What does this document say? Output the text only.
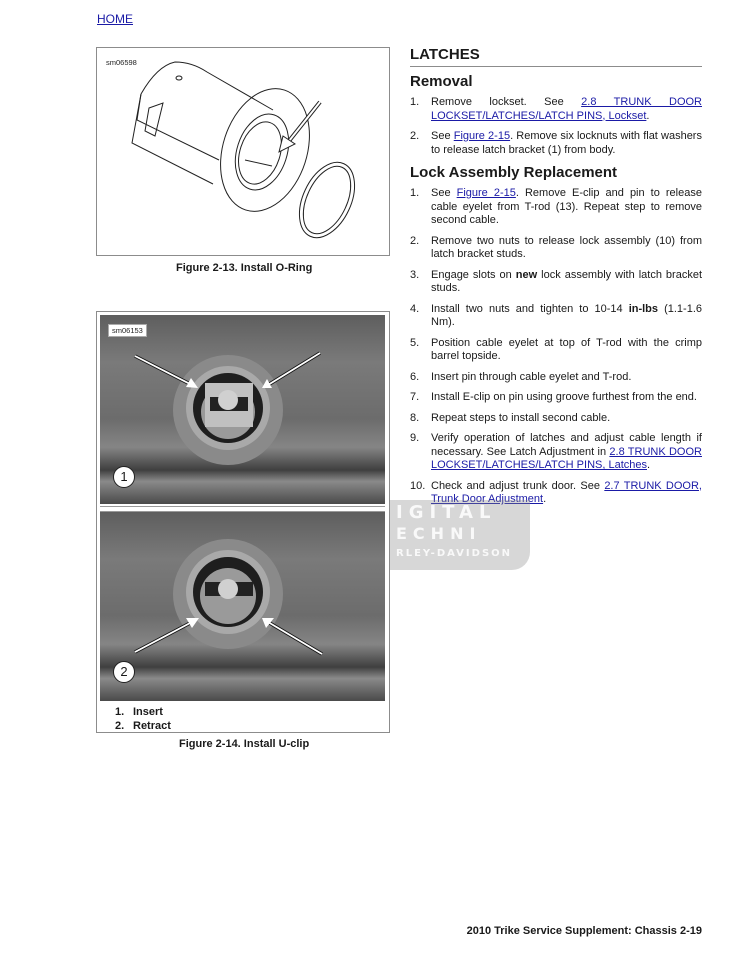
HOME
sm06598
Figure 2-13. Install O-Ring
sm06153
1
2
1. Insert
2. Retract
Figure 2-14. Install U-clip
LATCHES
Removal
1. Remove lockset. See 2.8 TRUNK DOOR LOCKSET/LATCHES/LATCH PINS, Lockset.
2. See Figure 2-15. Remove six locknuts with flat washers to release latch bracket (1) from body.
Lock Assembly Replacement
1. See Figure 2-15. Remove E-clip and pin to release cable eyelet from T-rod (13). Repeat step to remove second cable.
2. Remove two nuts to release lock assembly (10) from latch bracket studs.
3. Engage slots on new lock assembly with latch bracket studs.
4. Install two nuts and tighten to 10-14 in-lbs (1.1-1.6 Nm).
5. Position cable eyelet at top of T-rod with the crimp barrel topside.
6. Insert pin through cable eyelet and T-rod.
7. Install E-clip on pin using groove furthest from the end.
8. Repeat steps to install second cable.
9. Verify operation of latches and adjust cable length if necessary. See Latch Adjustment in 2.8 TRUNK DOOR LOCKSET/LATCHES/LATCH PINS, Latches.
10. Check and adjust trunk door. See 2.7 TRUNK DOOR, Trunk Door Adjustment.
IGITAL
ECHNI
RLEY-DAVIDSON
2010 Trike Service Supplement: Chassis 2-19
